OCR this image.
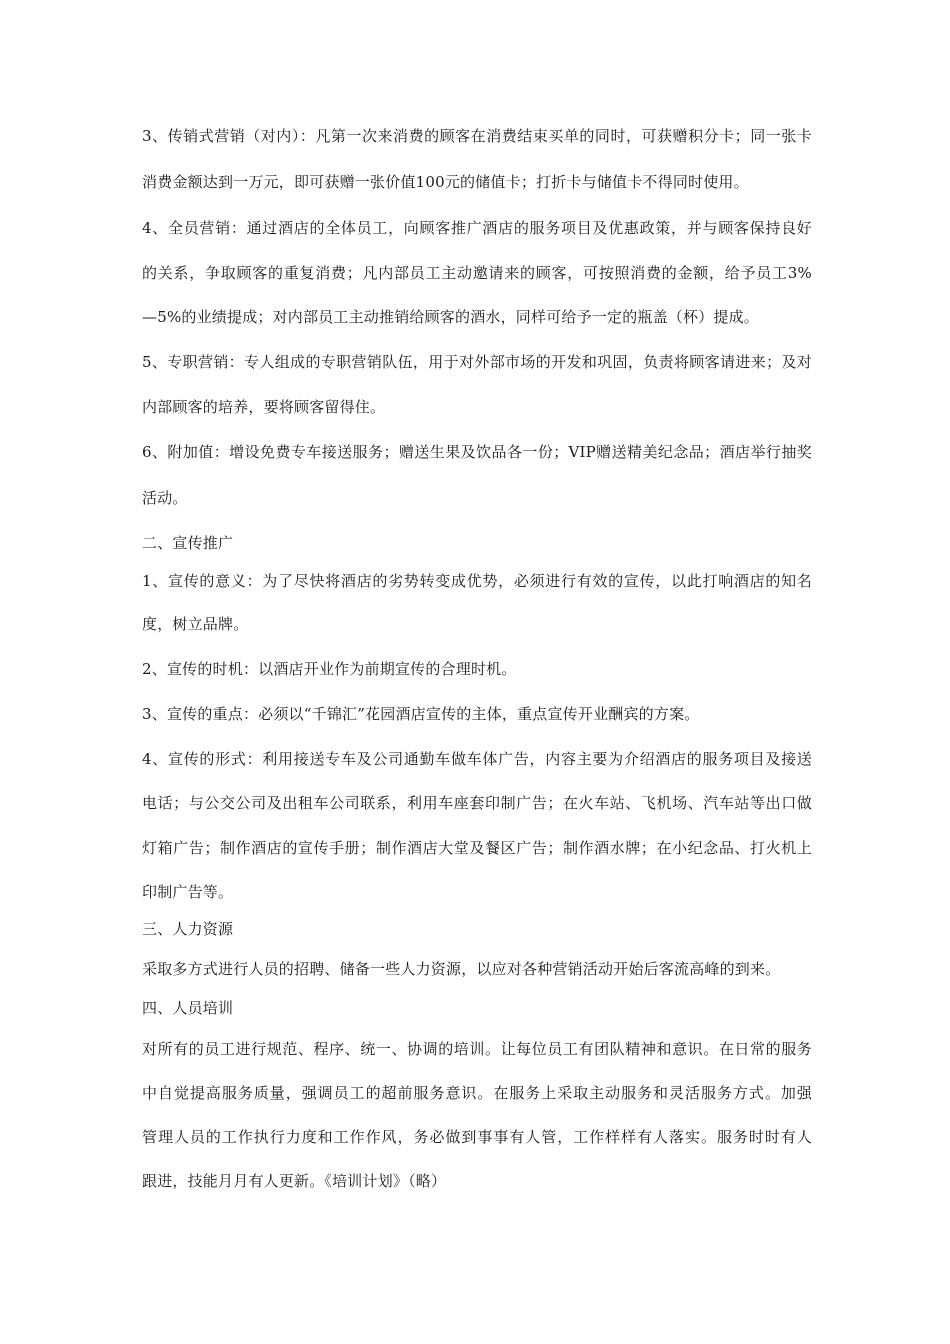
3、传销式营销（对内）：凡第一次来消费的顾客在消费结束买单的同时，可获赠积分卡；同一张卡
消费金额达到一万元，即可获赠一张价值100元的储值卡；打折卡与储值卡不得同时使用。
4、全员营销：通过酒店的全体员工，向顾客推广酒店的服务项目及优惠政策，并与顾客保持良好
的关系，争取顾客的重复消费；凡内部员工主动邀请来的顾客，可按照消费的金额，给予员工3%
—5%的业绩提成；对内部员工主动推销给顾客的酒水，同样可给予一定的瓶盖（杯）提成。
5、专职营销：专人组成的专职营销队伍，用于对外部市场的开发和巩固，负责将顾客请进来；及对
内部顾客的培养，要将顾客留得住。
6、附加值：增设免费专车接送服务；赠送生果及饮品各一份；VIP赠送精美纪念品；酒店举行抽奖
活动。
二、宣传推广
1、宣传的意义：为了尽快将酒店的劣势转变成优势，必须进行有效的宣传，以此打响酒店的知名
度，树立品牌。
2、宣传的时机：以酒店开业作为前期宣传的合理时机。
3、宣传的重点：必须以“千锦汇”花园酒店宣传的主体，重点宣传开业酬宾的方案。
4、宣传的形式：利用接送专车及公司通勤车做车体广告，内容主要为介绍酒店的服务项目及接送
电话；与公交公司及出租车公司联系，利用车座套印制广告；在火车站、飞机场、汽车站等出口做
灯箱广告；制作酒店的宣传手册；制作酒店大堂及餐区广告；制作酒水牌；在小纪念品、打火机上
印制广告等。
三、人力资源
采取多方式进行人员的招聘、储备一些人力资源，以应对各种营销活动开始后客流高峰的到来。
四、人员培训
对所有的员工进行规范、程序、统一、协调的培训。让每位员工有团队精神和意识。在日常的服务
中自觉提高服务质量，强调员工的超前服务意识。在服务上采取主动服务和灵活服务方式。加强
管理人员的工作执行力度和工作作风，务必做到事事有人管，工作样样有人落实。服务时时有人
跟进，技能月月有人更新。《培训计划》（略）
